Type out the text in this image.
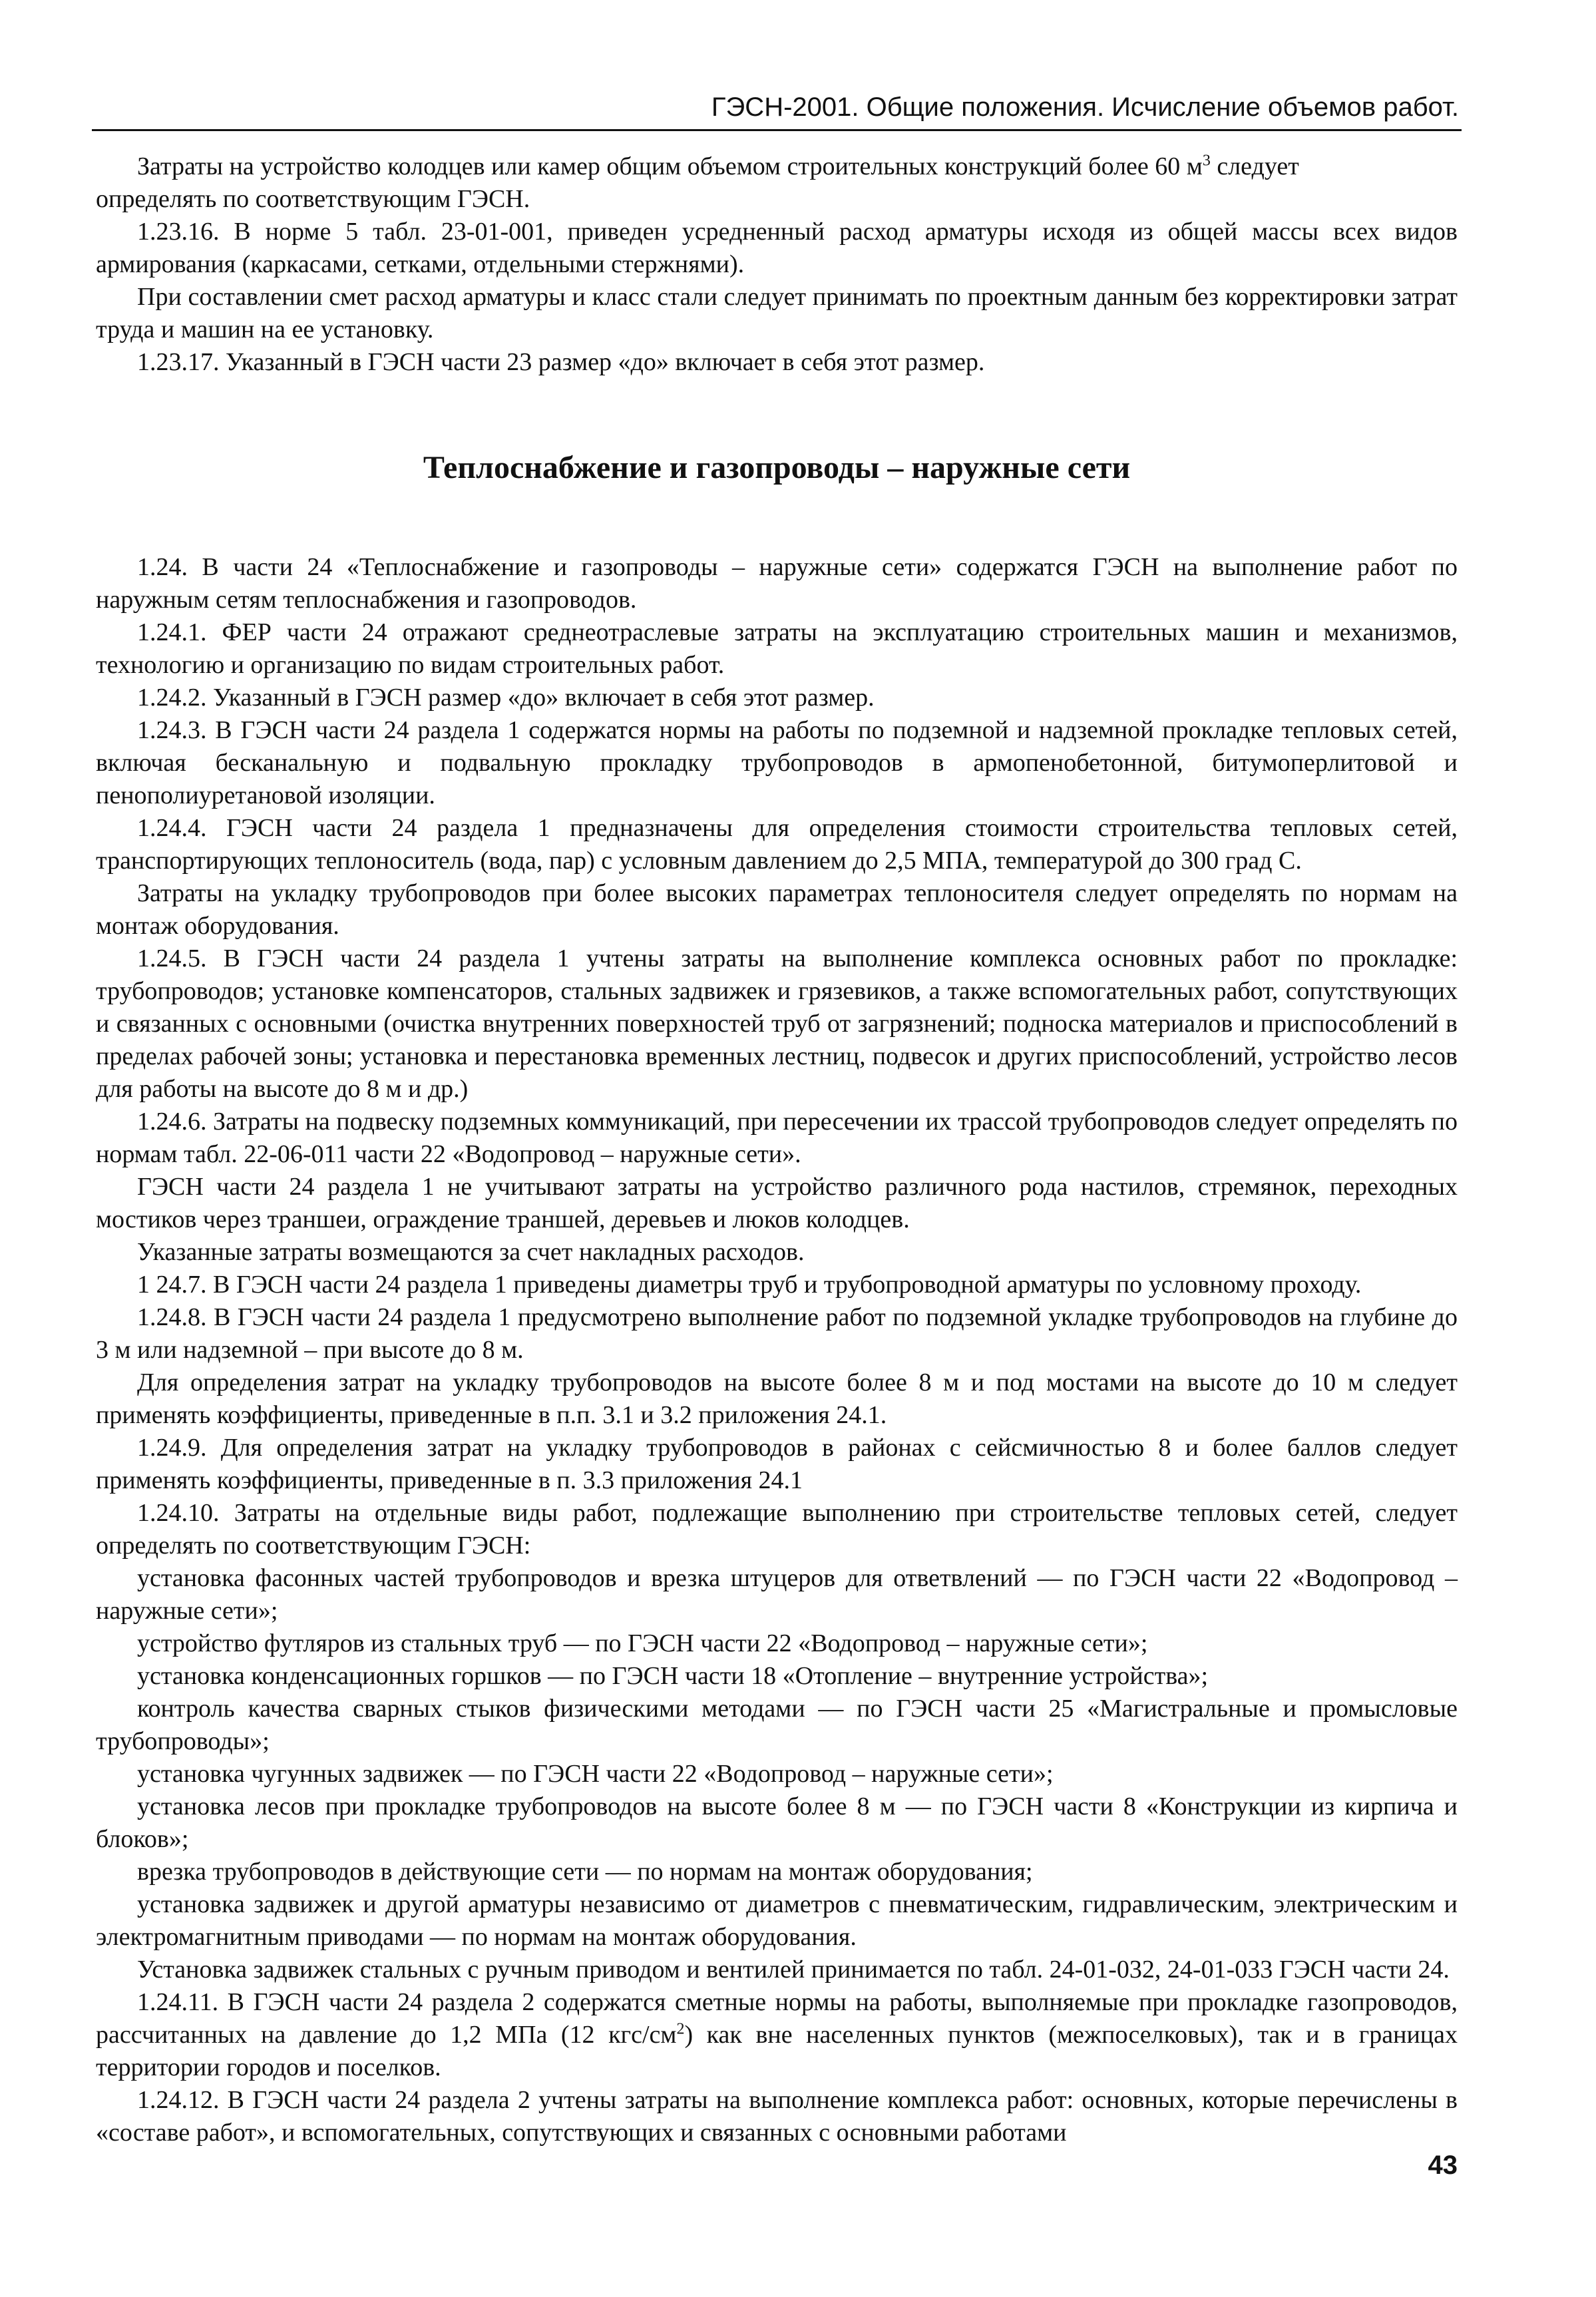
ГЭСН-2001. Общие положения. Исчисление объемов работ.

Затраты на устройство колодцев или камер общим объемом строительных конструкций более 60 $м^3$ следует

определять по соответствующим ГЭСН.

1.23.16. В норме 5 табл. 23-01-001, приведен усредненный расход арматуры исходя из общей массы всех видов армирования (каркасами, сетками, отдельными стержнями).

При составлении смет расход арматуры и класс стали следует принимать по проектным данным без корректировки затрат труда и машин на ее установку.

1.23.17. Указанный в ГЭСН части 23 размер «до» включает в себя этот размер.

Теплоснабжение и газопроводы – наружные сети

1.24. В части 24 «Теплоснабжение и газопроводы – наружные сети» содержатся ГЭСН на выполнение работ по наружным сетям теплоснабжения и газопроводов.

1.24.1. ФЕР части 24 отражают среднеотраслевые затраты на эксплуатацию строительных машин и механизмов, технологию и организацию по видам строительных работ.

1.24.2. Указанный в ГЭСН размер «до» включает в себя этот размер.

1.24.3. В ГЭСН части 24 раздела 1 содержатся нормы на работы по подземной и надземной прокладке тепловых сетей, включая бесканальную и подвальную прокладку трубопроводов в армопенобетонной, битумоперлитовой и пенополиуретановой изоляции.

1.24.4. ГЭСН части 24 раздела 1 предназначены для определения стоимости строительства тепловых сетей, транспортирующих теплоноситель (вода, пар) с условным давлением до 2,5 МПА, температурой до 300 град С.

Затраты на укладку трубопроводов при более высоких параметрах теплоносителя следует определять по нормам на монтаж оборудования.

1.24.5. В ГЭСН части 24 раздела 1 учтены затраты на выполнение комплекса основных работ по прокладке: трубопроводов; установке компенсаторов, стальных задвижек и грязевиков, а также вспомогательных работ, сопутствующих и связанных с основными (очистка внутренних поверхностей труб от загрязнений; подноска материалов и приспособлений в пределах рабочей зоны; установка и перестановка временных лестниц, подвесок и других приспособлений, устройство лесов для работы на высоте до 8 м и др.)

1.24.6. Затраты на подвеску подземных коммуникаций, при пересечении их трассой трубопроводов следует определять по нормам табл. 22-06-011 части 22 «Водопровод – наружные сети».

ГЭСН части 24 раздела 1 не учитывают затраты на устройство различного рода настилов, стремянок, переходных мостиков через траншеи, ограждение траншей, деревьев и люков колодцев.

Указанные затраты возмещаются за счет накладных расходов.

1 24.7. В ГЭСН части 24 раздела 1 приведены диаметры труб и трубопроводной арматуры по условному проходу.

1.24.8. В ГЭСН части 24 раздела 1 предусмотрено выполнение работ по подземной укладке трубопроводов на глубине до 3 м или надземной – при высоте до 8 м.

Для определения затрат на укладку трубопроводов на высоте более 8 м и под мостами на высоте до 10 м следует применять коэффициенты, приведенные в п.п. 3.1 и 3.2 приложения 24.1.

1.24.9. Для определения затрат на укладку трубопроводов в районах с сейсмичностью 8 и более баллов следует применять коэффициенты, приведенные в п. 3.3 приложения 24.1

1.24.10. Затраты на отдельные виды работ, подлежащие выполнению при строительстве тепловых сетей, следует определять по соответствующим ГЭСН:

установка фасонных частей трубопроводов и врезка штуцеров для ответвлений — по ГЭСН части 22 «Водопровод – наружные сети»;

устройство футляров из стальных труб — по ГЭСН части 22 «Водопровод – наружные сети»;

установка конденсационных горшков — по ГЭСН части 18 «Отопление – внутренние устройства»;

контроль качества сварных стыков физическими методами — по ГЭСН части 25 «Магистральные и промысловые трубопроводы»;

установка чугунных задвижек — по ГЭСН части 22 «Водопровод – наружные сети»;

установка лесов при прокладке трубопроводов на высоте более 8 м — по ГЭСН части 8 «Конструкции из кирпича и блоков»;

врезка трубопроводов в действующие сети — по нормам на монтаж оборудования;

установка задвижек и другой арматуры независимо от диаметров с пневматическим, гидравлическим, электрическим и электромагнитным приводами — по нормам на монтаж оборудования.

Установка задвижек стальных с ручным приводом и вентилей принимается по табл. 24-01-032, 24-01-033 ГЭСН части 24.

1.24.11. В ГЭСН части 24 раздела 2 содержатся сметные нормы на работы, выполняемые при прокладке газопроводов, рассчитанных на давление до 1,2 МПа (12 кгс/$см^2$) как вне населенных пунктов (межпоселковых), так и в границах территории городов и поселков.

1.24.12. В ГЭСН части 24 раздела 2 учтены затраты на выполнение комплекса работ: основных, которые перечислены в «составе работ», и вспомогательных, сопутствующих и связанных с основными работами

43
